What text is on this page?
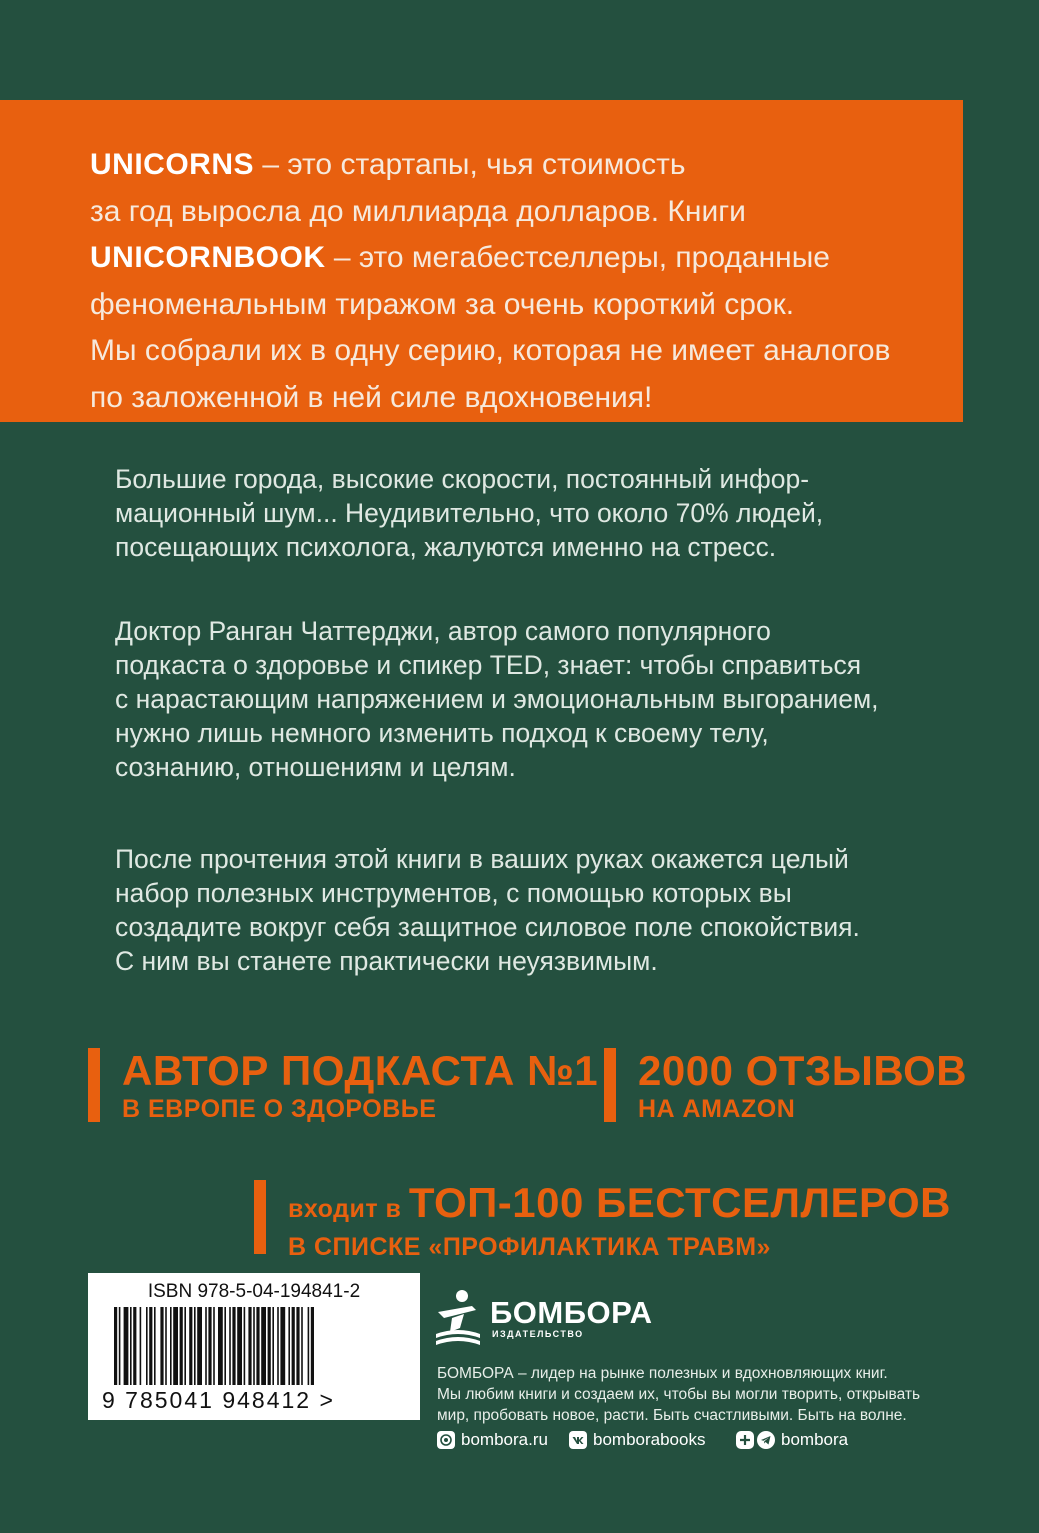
UNICORNS – это стартапы, чья стоимость
за год выросла до миллиарда долларов. Книги
UNICORNBOOK – это мегабестселлеры, проданные
феноменальным тиражом за очень короткий срок.
Мы собрали их в одну серию, которая не имеет аналогов
по заложенной в ней силе вдохновения!

Большие города, высокие скорости, постоянный инфор-
мационный шум... Неудивительно, что около 70% людей,
посещающих психолога, жалуются именно на стресс.

Доктор Ранган Чаттерджи, автор самого популярного
подкаста о здоровье и спикер TED, знает: чтобы справиться
с нарастающим напряжением и эмоциональным выгоранием,
нужно лишь немного изменить подход к своему телу,
сознанию, отношениям и целям.

После прочтения этой книги в ваших руках окажется целый
набор полезных инструментов, с помощью которых вы
создадите вокруг себя защитное силовое поле спокойствия.
С ним вы станете практически неуязвимым.

АВТОР ПОДКАСТА №1
В ЕВРОПЕ О ЗДОРОВЬЕ
2000 ОТЗЫВОВ
НА AMAZON
входит в ТОП-100 БЕСТСЕЛЛЕРОВ
В СПИСКЕ «ПРОФИЛАКТИКА ТРАВМ»

ISBN 978-5-04-194841-2

9 785041 948412 >

БОМБОРА
ИЗДАТЕЛЬСТВО

БОМБОРА – лидер на рынке полезных и вдохновляющих книг.
Мы любим книги и создаем их, чтобы вы могли творить, открывать
мир, пробовать новое, расти. Быть счастливыми. Быть на волне.

bombora.ru	bomborabooks	bombora
